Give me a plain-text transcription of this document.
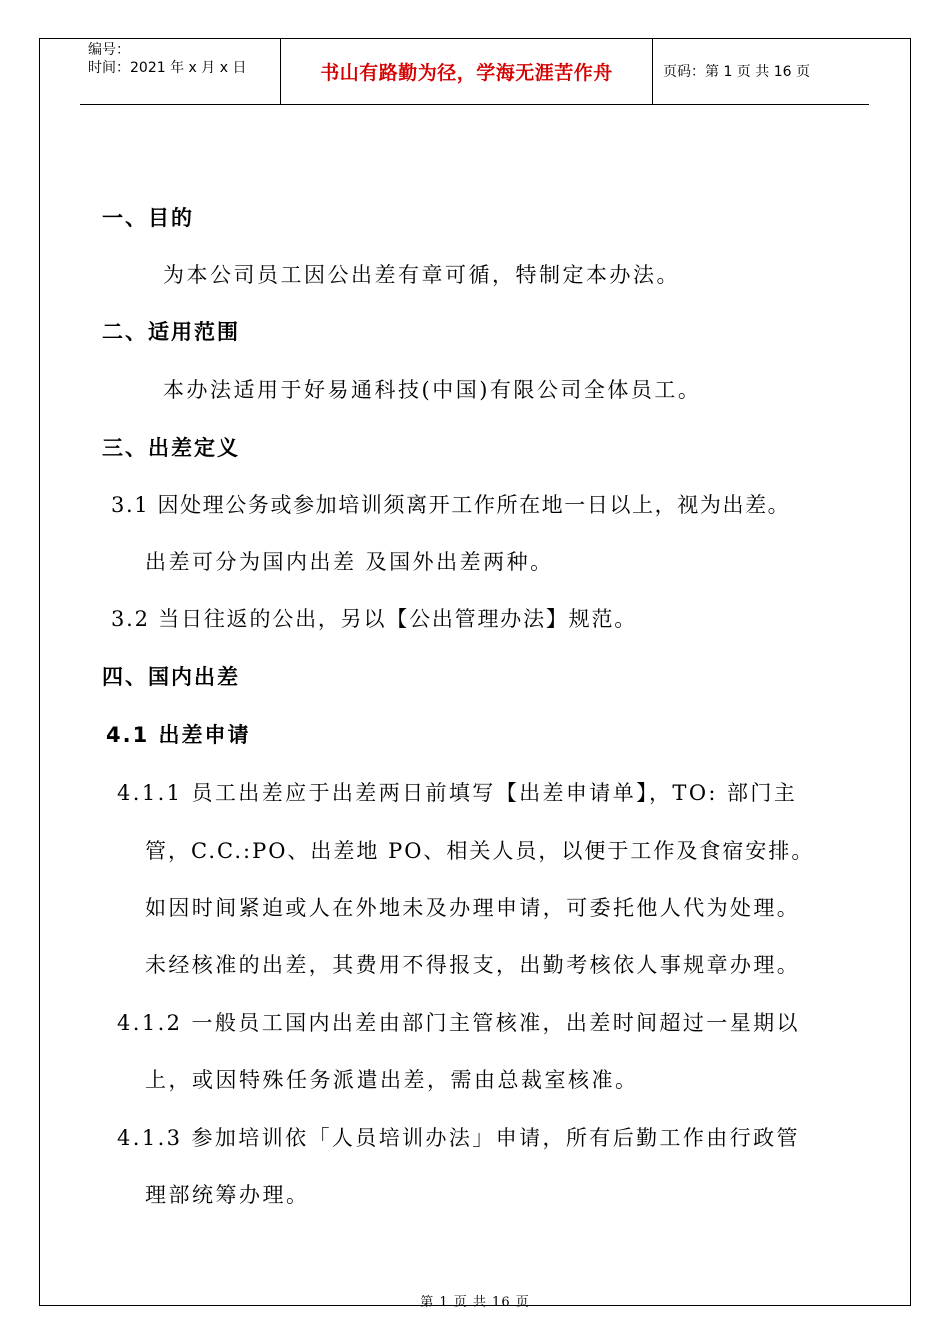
编号：
时间：2021 年 x 月 x 日	书山有路勤为径，学海无涯苦作舟	页码：第 1 页 共 16 页
一、目的
为本公司员工因公出差有章可循，特制定本办法。
二、适用范围
本办法适用于好易通科技(中国)有限公司全体员工。
三、出差定义
3.1 因处理公务或参加培训须离开工作所在地一日以上，视为出差。
出差可分为国内出差 及国外出差两种。
3.2 当日往返的公出，另以【公出管理办法】规范。
四、国内出差
4.1 出差申请
4.1.1 员工出差应于出差两日前填写【出差申请单】，TO: 部门主
管，C.C.:PO、出差地 PO、相关人员，以便于工作及食宿安排。
如因时间紧迫或人在外地未及办理申请，可委托他人代为处理。
未经核准的出差，其费用不得报支，出勤考核依人事规章办理。
4.1.2 一般员工国内出差由部门主管核准，出差时间超过一星期以
上，或因特殊任务派遣出差，需由总裁室核准。
4.1.3 参加培训依「人员培训办法」申请，所有后勤工作由行政管
理部统筹办理。
第 1 页 共 16 页
